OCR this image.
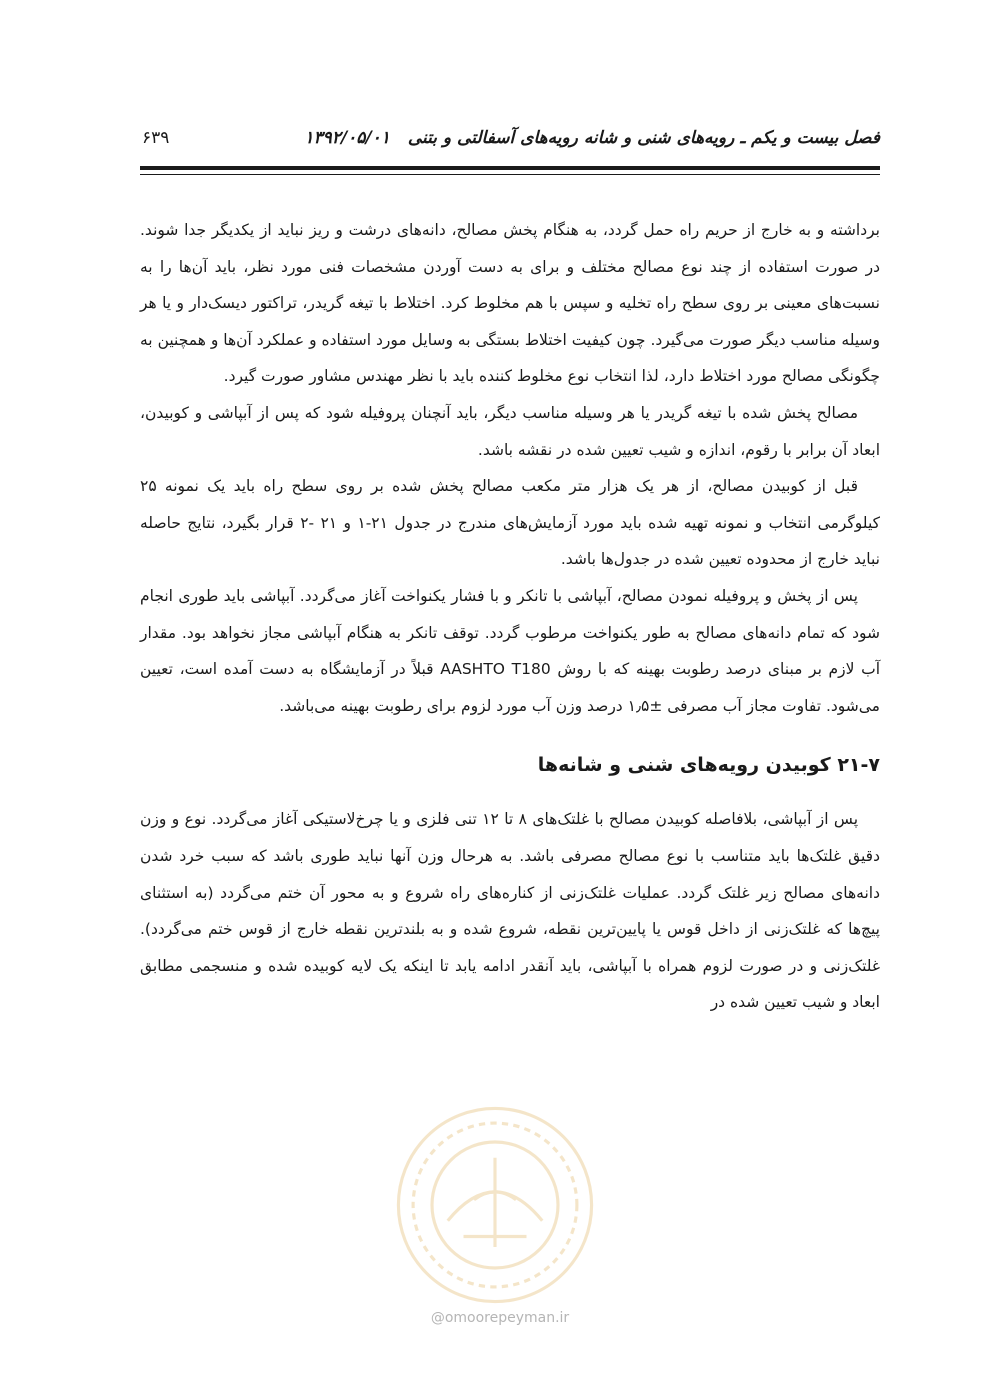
فصل بیست و یکم ـ رویه‌های شنی و شانه رویه‌های آسفالتی و بتنی۱۳۹۲/۰۵/۰۱
۶۳۹

برداشته و به خارج از حریم راه حمل گردد، به هنگام پخش مصالح، دانه‌های درشت و ریز نباید از یکدیگر جدا شوند. در صورت استفاده از چند نوع مصالح مختلف و برای به دست آوردن مشخصات فنی مورد نظر، باید آن‌ها را به نسبت‌های معینی بر روی سطح راه تخلیه و سپس با هم مخلوط کرد. اختلاط با تیغه گریدر، تراکتور دیسک‌دار و یا هر وسیله مناسب دیگر صورت می‌گیرد. چون کیفیت اختلاط بستگی به وسایل مورد استفاده و عملکرد آن‌ها و همچنین به چگونگی مصالح مورد اختلاط دارد، لذا انتخاب نوع مخلوط کننده باید با نظر مهندس مشاور صورت گیرد.

مصالح پخش شده با تیغه گریدر یا هر وسیله مناسب دیگر، باید آنچنان پروفیله شود که پس از آبپاشی و کوبیدن، ابعاد آن برابر با رقوم، اندازه و شیب تعیین شده در نقشه باشد.

قبل از کوبیدن مصالح، از هر یک هزار متر مکعب مصالح پخش شده بر روی سطح راه باید یک نمونه ۲۵ کیلوگرمی انتخاب و نمونه تهیه شده باید مورد آزمایش‌های مندرج در جدول ۲۱-۱ و ۲۱ -۲ قرار بگیرد، نتایج حاصله نباید خارج از محدوده تعیین شده در جدول‌ها باشد.

پس از پخش و پروفیله نمودن مصالح، آبپاشی با تانکر و با فشار یکنواخت آغاز می‌گردد. آبپاشی باید طوری انجام شود که تمام دانه‌های مصالح به طور یکنواخت مرطوب گردد. توقف تانکر به هنگام آبپاشی مجاز نخواهد بود. مقدار آب لازم بر مبنای درصد رطوبت بهینه که با روش AASHTO T180 قبلاً در آزمایشگاه به دست آمده است، تعیین می‌شود. تفاوت مجاز آب مصرفی ±۱٫۵ درصد وزن آب مورد لزوم برای رطوبت بهینه می‌باشد.

۲۱-۷ کوبیدن رویه‌های شنی و شانه‌ها

پس از آبپاشی، بلافاصله کوبیدن مصالح با غلتک‌های ۸ تا ۱۲ تنی فلزی و یا چرخ‌لاستیکی آغاز می‌گردد. نوع و وزن دقیق غلتک‌ها باید متناسب با نوع مصالح مصرفی باشد. به هرحال وزن آنها نباید طوری باشد که سبب خرد شدن دانه‌های مصالح زیر غلتک گردد. عملیات غلتک‌زنی از کناره‌های راه شروع و به محور آن ختم می‌گردد (به استثنای پیچ‌ها که غلتک‌زنی از داخل قوس یا پایین‌ترین نقطه، شروع شده و به بلندترین نقطه خارج از قوس ختم می‌گردد). غلتک‌زنی و در صورت لزوم همراه با آبپاشی، باید آنقدر ادامه یابد تا اینکه یک لایه کوبیده شده و منسجمی مطابق ابعاد و شیب تعیین شده در

@omoorepeyman.ir
